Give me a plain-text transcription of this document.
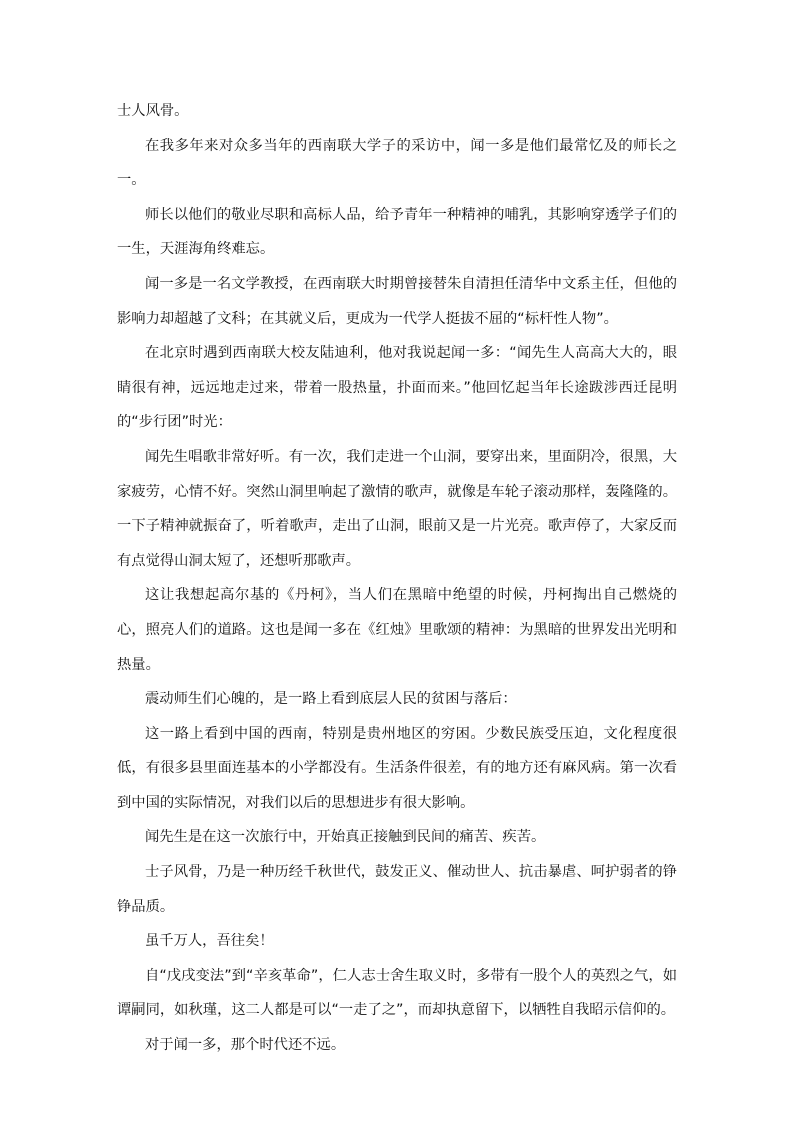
士人风骨。

在我多年来对众多当年的西南联大学子的采访中，闻一多是他们最常忆及的师长之一。

师长以他们的敬业尽职和高标人品，给予青年一种精神的哺乳，其影响穿透学子们的一生，天涯海角终难忘。

闻一多是一名文学教授，在西南联大时期曾接替朱自清担任清华中文系主任，但他的影响力却超越了文科；在其就义后，更成为一代学人挺拔不屈的“标杆性人物”。

在北京时遇到西南联大校友陆迪利，他对我说起闻一多：“闻先生人高高大大的，眼睛很有神，远远地走过来，带着一股热量，扑面而来。”他回忆起当年长途跋涉西迁昆明的“步行团”时光：

闻先生唱歌非常好听。有一次，我们走进一个山洞，要穿出来，里面阴冷，很黑，大家疲劳，心情不好。突然山洞里响起了激情的歌声，就像是车轮子滚动那样，轰隆隆的。一下子精神就振奋了，听着歌声，走出了山洞，眼前又是一片光亮。歌声停了，大家反而有点觉得山洞太短了，还想听那歌声。

这让我想起高尔基的《丹柯》，当人们在黑暗中绝望的时候，丹柯掏出自己燃烧的心，照亮人们的道路。这也是闻一多在《红烛》里歌颂的精神：为黑暗的世界发出光明和热量。

震动师生们心魄的，是一路上看到底层人民的贫困与落后：

这一路上看到中国的西南，特别是贵州地区的穷困。少数民族受压迫，文化程度很低，有很多县里面连基本的小学都没有。生活条件很差，有的地方还有麻风病。第一次看到中国的实际情况，对我们以后的思想进步有很大影响。

闻先生是在这一次旅行中，开始真正接触到民间的痛苦、疾苦。

士子风骨，乃是一种历经千秋世代，鼓发正义、催动世人、抗击暴虐、呵护弱者的铮铮品质。

虽千万人，吾往矣！

自“戊戌变法”到“辛亥革命”，仁人志士舍生取义时，多带有一股个人的英烈之气，如谭嗣同，如秋瑾，这二人都是可以“一走了之”，而却执意留下，以牺牲自我昭示信仰的。

对于闻一多，那个时代还不远。
